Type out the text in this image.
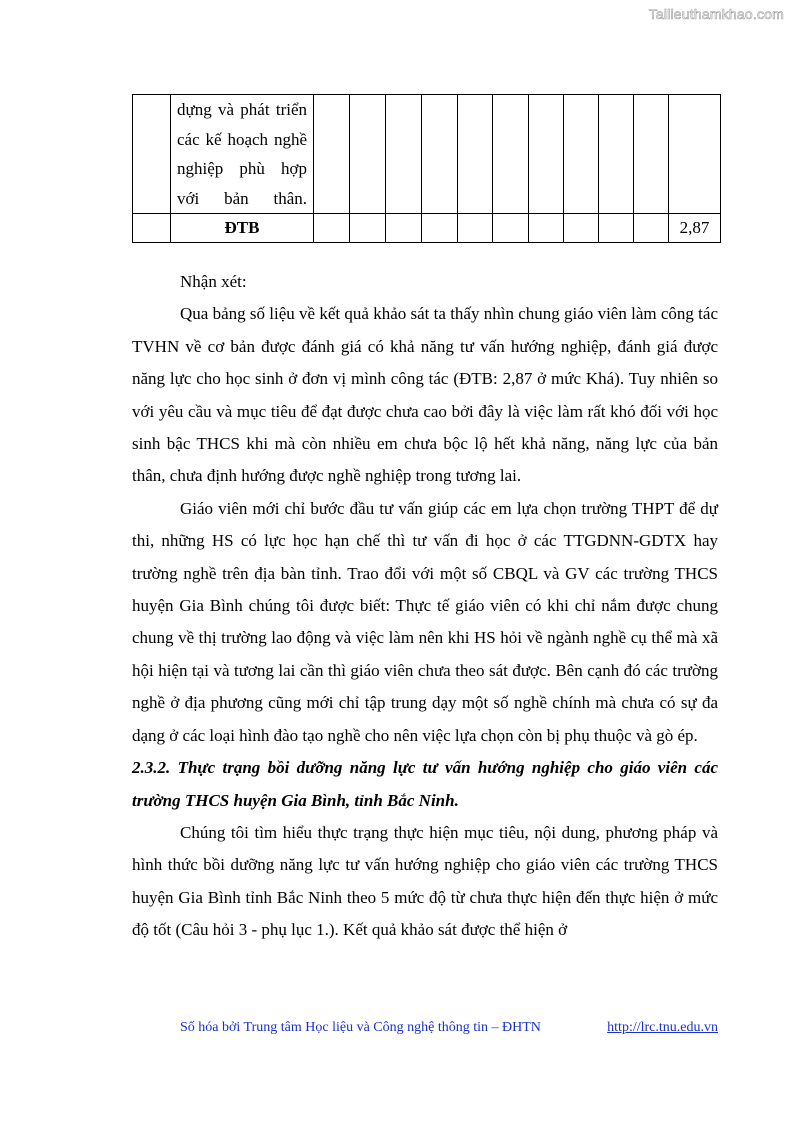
Tailieuthamkhao.com

	dựng và phát triển các kế hoạch nghề nghiệp phù hợp với bản thân.											

	ĐTB											2,87

Nhận xét:

Qua bảng số liệu về kết quả khảo sát ta thấy nhìn chung giáo viên làm công tác TVHN về cơ bản được đánh giá có khả năng tư vấn hướng nghiệp, đánh giá được năng lực cho học sinh ở đơn vị mình công tác (ĐTB: 2,87 ở mức Khá). Tuy nhiên so với yêu cầu và mục tiêu để đạt được chưa cao bởi đây là việc làm rất khó đối với học sinh bậc THCS khi mà còn nhiều em chưa bộc lộ hết khả năng, năng lực của bản thân, chưa định hướng được nghề nghiệp trong tương lai.

Giáo viên mới chỉ bước đầu tư vấn giúp các em lựa chọn trường THPT để dự thi, những HS có lực học hạn chế thì tư vấn đi học ở các TTGDNN-GDTX hay trường nghề trên địa bàn tỉnh. Trao đổi với một số CBQL và GV các trường THCS huyện Gia Bình chúng tôi được biết: Thực tế giáo viên có khi chỉ nắm được chung chung về thị trường lao động và việc làm nên khi HS hỏi về ngành nghề cụ thể mà xã hội hiện tại và tương lai cần thì giáo viên chưa theo sát được. Bên cạnh đó các trường nghề ở địa phương cũng mới chỉ tập trung dạy một số nghề chính mà chưa có sự đa dạng ở các loại hình đào tạo nghề cho nên việc lựa chọn còn bị phụ thuộc và gò ép.

2.3.2. Thực trạng bồi dưỡng năng lực tư vấn hướng nghiệp cho giáo viên các trường THCS huyện Gia Bình, tỉnh Bắc Ninh.

Chúng tôi tìm hiểu thực trạng thực hiện mục tiêu, nội dung, phương pháp và hình thức bồi dưỡng năng lực tư vấn hướng nghiệp cho giáo viên các trường THCS huyện Gia Bình tỉnh Bắc Ninh theo 5 mức độ từ chưa thực hiện đến thực hiện ở mức độ tốt (Câu hỏi 3 - phụ lục 1.). Kết quả khảo sát được thể hiện ở

Số hóa bởi Trung tâm Học liệu và Công nghệ thông tin – ĐHTN	http://lrc.tnu.edu.vn
